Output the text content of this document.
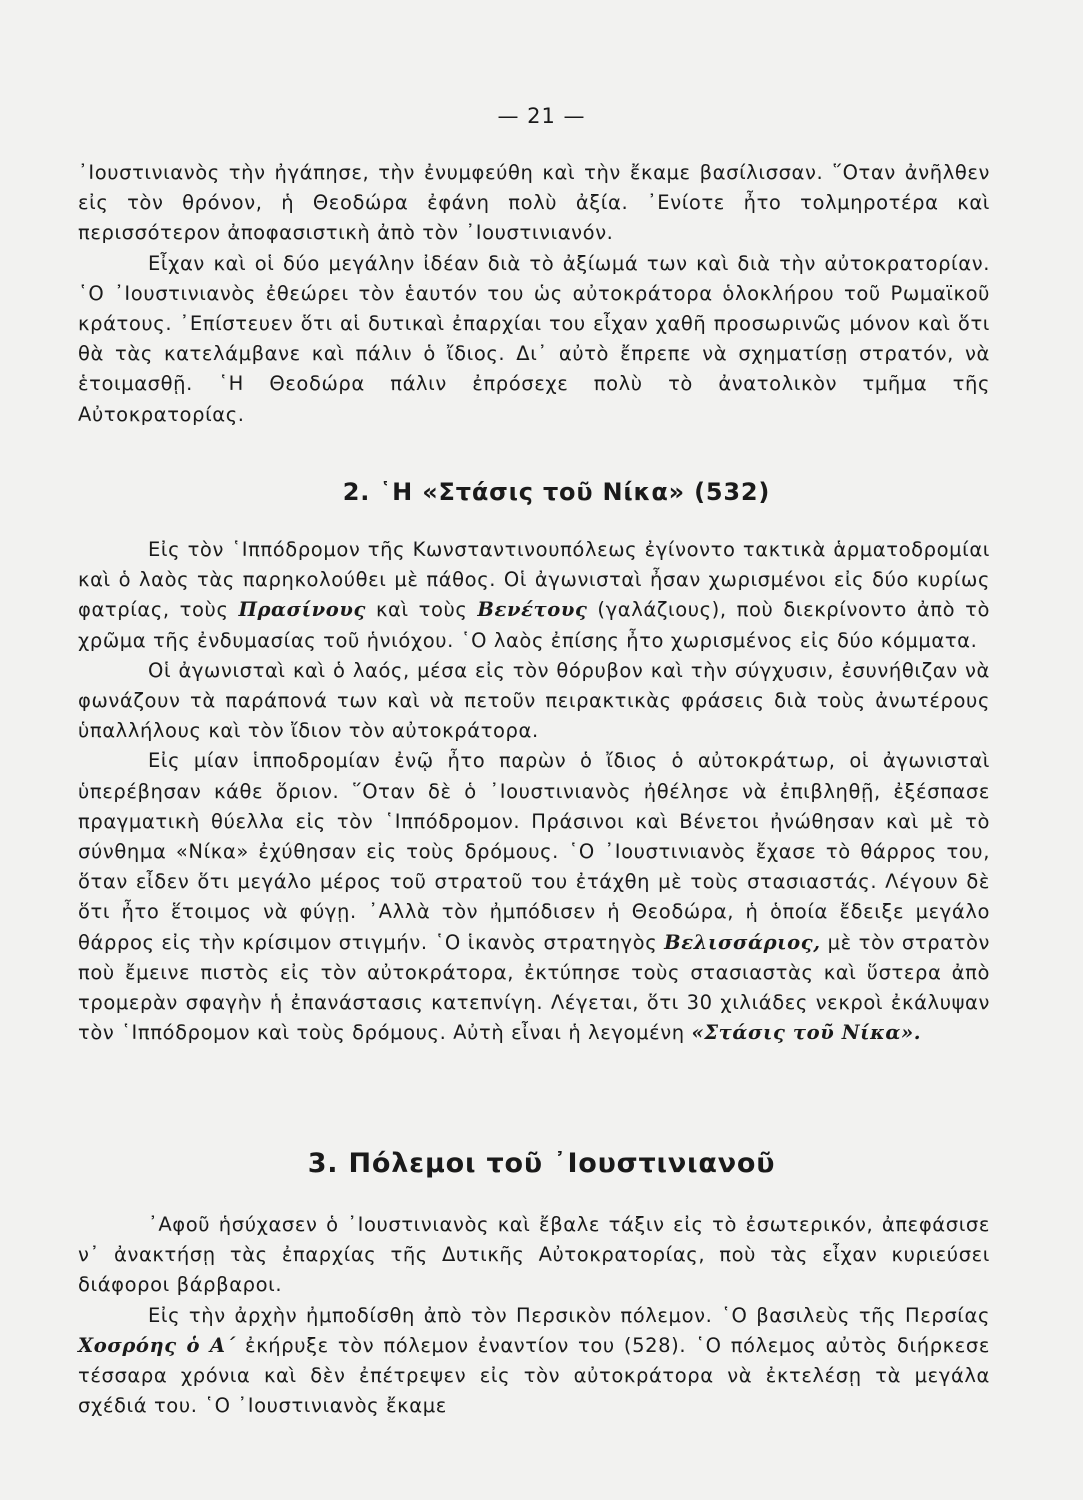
— 21 —

᾿Ιουστινιανὸς τὴν ἠγάπησε, τὴν ἐνυμφεύθη καὶ τὴν ἔκαμε βασίλισσαν. ῞Οταν ἀνῆλθεν εἰς τὸν θρόνον, ἡ Θεοδώρα ἐφάνη πολὺ ἀξία. ᾿Ενίοτε ἦτο τολμηροτέρα καὶ περισσότερον ἀποφασιστικὴ ἀπὸ τὸν ᾿Ιουστινιανόν.

Εἶχαν καὶ οἱ δύο μεγάλην ἰδέαν διὰ τὸ ἀξίωμά των καὶ διὰ τὴν αὐτοκρατορίαν. ῾Ο ᾿Ιουστινιανὸς ἐθεώρει τὸν ἑαυτόν του ὡς αὐτοκράτορα ὁλοκλήρου τοῦ Ρωμαϊκοῦ κράτους. ᾿Επίστευεν ὅτι αἱ δυτικαὶ ἐπαρχίαι του εἶχαν χαθῆ προσωρινῶς μόνον καὶ ὅτι θὰ τὰς κατελάμβανε καὶ πάλιν ὁ ἴδιος. Δι᾿ αὐτὸ ἔπρεπε νὰ σχηματίσῃ στρατόν, νὰ ἑτοιμασθῇ. ῾Η Θεοδώρα πάλιν ἐπρόσεχε πολὺ τὸ ἀνατολικὸν τμῆμα τῆς Αὐτοκρατορίας.

2. ῾Η «Στάσις τοῦ Νίκα» (532)

Εἰς τὸν ῾Ιππόδρομον τῆς Κωνσταντινουπόλεως ἐγίνοντο τακτικὰ ἁρματοδρομίαι καὶ ὁ λαὸς τὰς παρηκολούθει μὲ πάθος. Οἱ ἀγωνισταὶ ἦσαν χωρισμένοι εἰς δύο κυρίως φατρίας, τοὺς Πρασίνους καὶ τοὺς Βενέτους (γαλάζιους), ποὺ διεκρίνοντο ἀπὸ τὸ χρῶμα τῆς ἐνδυμασίας τοῦ ἡνιόχου. ῾Ο λαὸς ἐπίσης ἦτο χωρισμένος εἰς δύο κόμματα.

Οἱ ἀγωνισταὶ καὶ ὁ λαός, μέσα εἰς τὸν θόρυβον καὶ τὴν σύγχυσιν, ἐσυνήθιζαν νὰ φωνάζουν τὰ παράπονά των καὶ νὰ πετοῦν πειρακτικὰς φράσεις διὰ τοὺς ἀνωτέρους ὑπαλλήλους καὶ τὸν ἴδιον τὸν αὐτοκράτορα.

Εἰς μίαν ἱπποδρομίαν ἐνῷ ἦτο παρὼν ὁ ἴδιος ὁ αὐτοκράτωρ, οἱ ἀγωνισταὶ ὑπερέβησαν κάθε ὅριον. ῞Οταν δὲ ὁ ᾿Ιουστινιανὸς ἠθέλησε νὰ ἐπιβληθῇ, ἐξέσπασε πραγματικὴ θύελλα εἰς τὸν ῾Ιππόδρομον. Πράσινοι καὶ Βένετοι ἠνώθησαν καὶ μὲ τὸ σύνθημα «Νίκα» ἐχύθησαν εἰς τοὺς δρόμους. ῾Ο ᾿Ιουστινιανὸς ἔχασε τὸ θάρρος του, ὅταν εἶδεν ὅτι μεγάλο μέρος τοῦ στρατοῦ του ἐτάχθη μὲ τοὺς στασιαστάς. Λέγουν δὲ ὅτι ἦτο ἕτοιμος νὰ φύγῃ. ᾿Αλλὰ τὸν ἠμπόδισεν ἡ Θεοδώρα, ἡ ὁποία ἔδειξε μεγάλο θάρρος εἰς τὴν κρίσιμον στιγμήν. ῾Ο ἱκανὸς στρατηγὸς Βελισσάριος, μὲ τὸν στρατὸν ποὺ ἔμεινε πιστὸς εἰς τὸν αὐτοκράτορα, ἐκτύπησε τοὺς στασιαστὰς καὶ ὕστερα ἀπὸ τρομερὰν σφαγὴν ἡ ἐπανάστασις κατεπνίγη. Λέγεται, ὅτι 30 χιλιάδες νεκροὶ ἐκάλυψαν τὸν ῾Ιππόδρομον καὶ τοὺς δρόμους. Αὐτὴ εἶναι ἡ λεγομένη «Στάσις τοῦ Νίκα».

3. Πόλεμοι τοῦ ᾿Ιουστινιανοῦ

᾿Αφοῦ ἡσύχασεν ὁ ᾿Ιουστινιανὸς καὶ ἔβαλε τάξιν εἰς τὸ ἐσωτερικόν, ἀπεφάσισε ν᾿ ἀνακτήσῃ τὰς ἐπαρχίας τῆς Δυτικῆς Αὐτοκρατορίας, ποὺ τὰς εἶχαν κυριεύσει διάφοροι βάρβαροι.

Εἰς τὴν ἀρχὴν ἠμποδίσθη ἀπὸ τὸν Περσικὸν πόλεμον. ῾Ο βασιλεὺς τῆς Περσίας Χοσρόης ὁ Α΄ ἐκήρυξε τὸν πόλεμον ἐναντίον του (528). ῾Ο πόλεμος αὐτὸς διήρκεσε τέσσαρα χρόνια καὶ δὲν ἐπέτρεψεν εἰς τὸν αὐτοκράτορα νὰ ἐκτελέσῃ τὰ μεγάλα σχέδιά του. ῾Ο ᾿Ιουστινιανὸς ἔκαμε
